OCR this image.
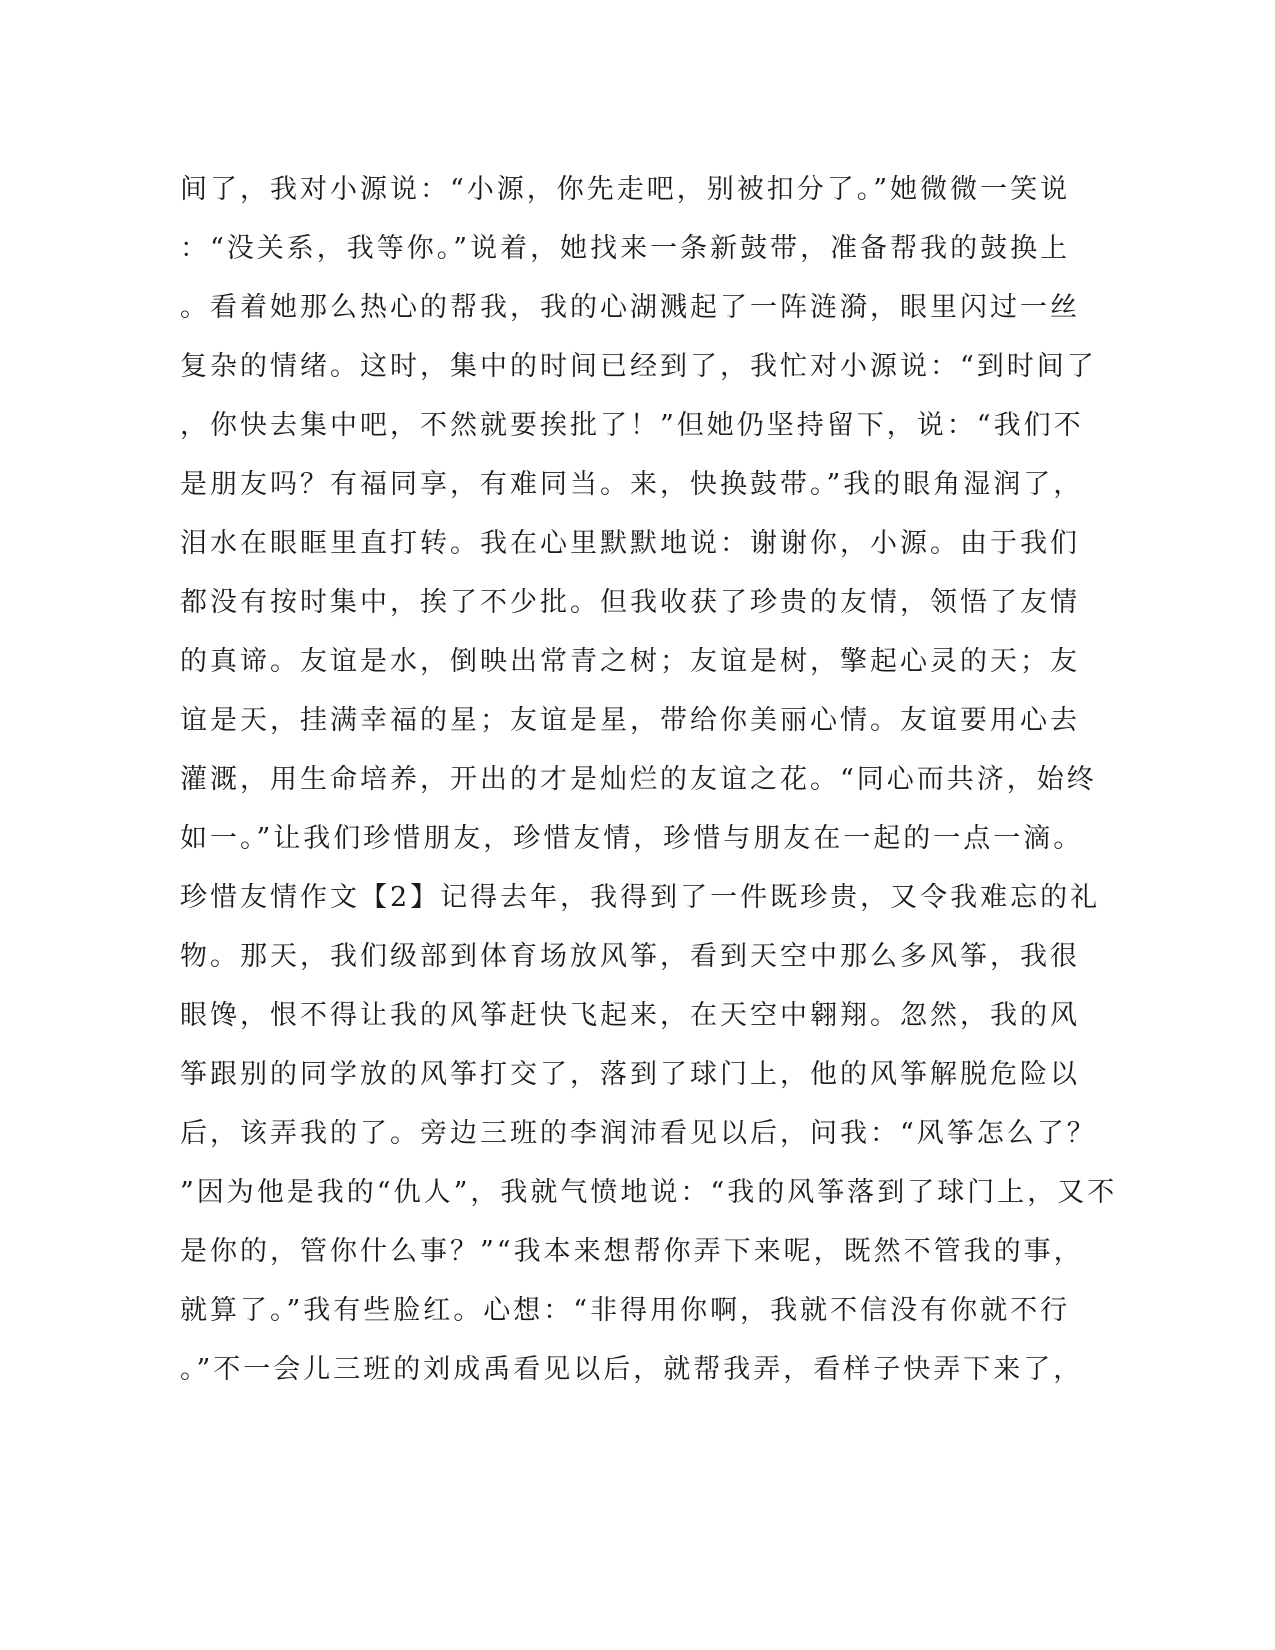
间了，我对小源说：“小源，你先走吧，别被扣分了。”她微微一笑说
：“没关系，我等你。”说着，她找来一条新鼓带，准备帮我的鼓换上
。看着她那么热心的帮我，我的心湖溅起了一阵涟漪，眼里闪过一丝
复杂的情绪。这时，集中的时间已经到了，我忙对小源说：“到时间了
，你快去集中吧，不然就要挨批了！”但她仍坚持留下，说：“我们不
是朋友吗？有福同享，有难同当。来，快换鼓带。”我的眼角湿润了，
泪水在眼眶里直打转。我在心里默默地说：谢谢你，小源。由于我们
都没有按时集中，挨了不少批。但我收获了珍贵的友情，领悟了友情
的真谛。友谊是水，倒映出常青之树；友谊是树，擎起心灵的天；友
谊是天，挂满幸福的星；友谊是星，带给你美丽心情。友谊要用心去
灌溉，用生命培养，开出的才是灿烂的友谊之花。“同心而共济，始终
如一。”让我们珍惜朋友，珍惜友情，珍惜与朋友在一起的一点一滴。
珍惜友情作文【2】记得去年，我得到了一件既珍贵，又令我难忘的礼
物。那天，我们级部到体育场放风筝，看到天空中那么多风筝，我很
眼馋，恨不得让我的风筝赶快飞起来，在天空中翱翔。忽然，我的风
筝跟别的同学放的风筝打交了，落到了球门上，他的风筝解脱危险以
后，该弄我的了。旁边三班的李润沛看见以后，问我：“风筝怎么了？
”因为他是我的“仇人”，我就气愤地说：“我的风筝落到了球门上，又不
是你的，管你什么事？”“我本来想帮你弄下来呢，既然不管我的事，
就算了。”我有些脸红。心想：“非得用你啊，我就不信没有你就不行
。”不一会儿三班的刘成禹看见以后，就帮我弄，看样子快弄下来了，
